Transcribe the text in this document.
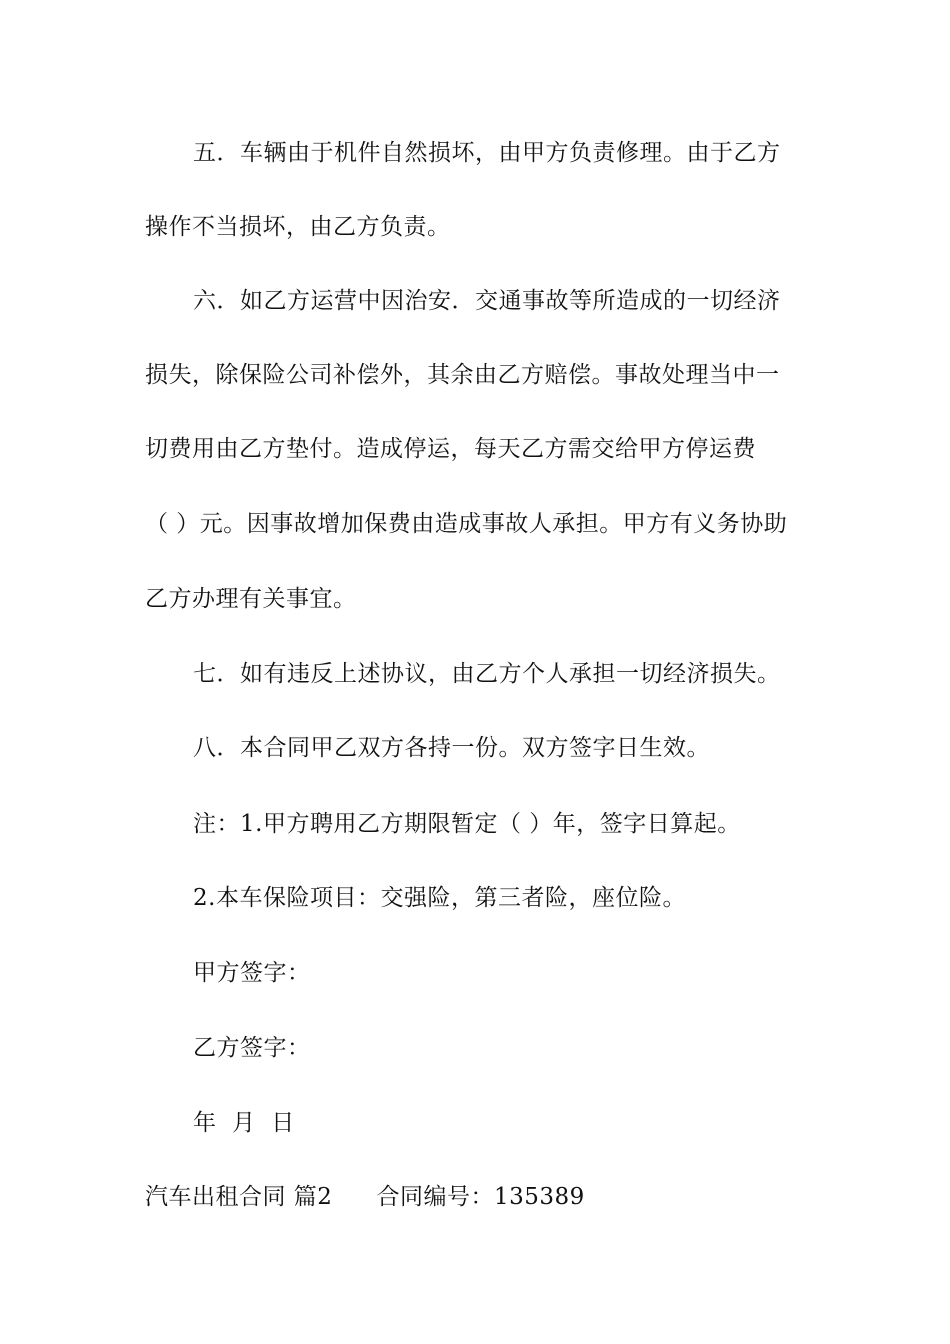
五．车辆由于机件自然损坏，由甲方负责修理。由于乙方
操作不当损坏，由乙方负责。
六．如乙方运营中因治安．交通事故等所造成的一切经济
损失，除保险公司补偿外，其余由乙方赔偿。事故处理当中一
切费用由乙方垫付。造成停运，每天乙方需交给甲方停运费
（ ）元。因事故增加保费由造成事故人承担。甲方有义务协助
乙方办理有关事宜。
七．如有违反上述协议，由乙方个人承担一切经济损失。
八．本合同甲乙双方各持一份。双方签字日生效。
注：1.甲方聘用乙方期限暂定（ ）年，签字日算起。
2.本车保险项目：交强险，第三者险，座位险。
甲方签字：
乙方签字：
年  月  日
汽车出租合同 篇2 合同编号：135389
